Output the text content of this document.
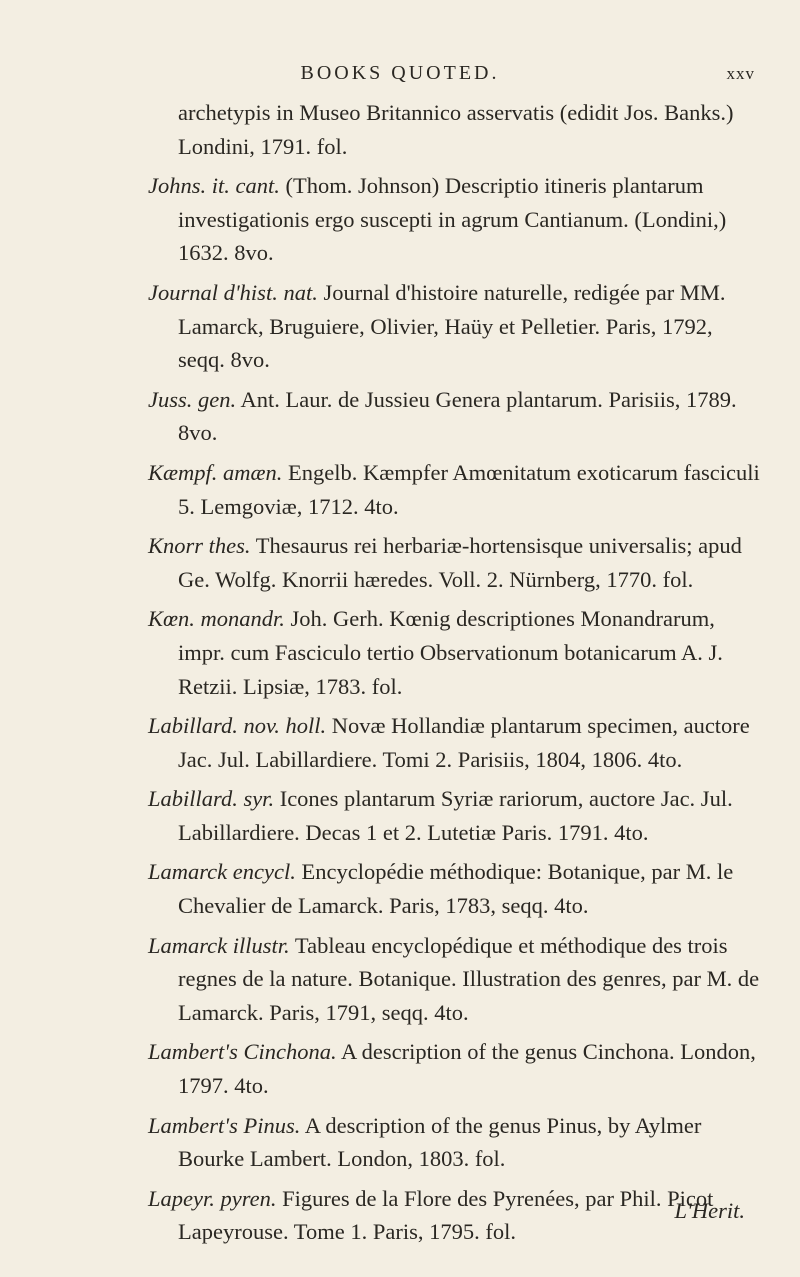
BOOKS QUOTED.	xxv

archetypis in Museo Britannico asservatis (edidit Jos. Banks.) Londini, 1791. fol.

Johns. it. cant. (Thom. Johnson) Descriptio itineris plantarum investigationis ergo suscepti in agrum Cantianum. (Londini,) 1632. 8vo.

Journal d'hist. nat. Journal d'histoire naturelle, redigée par MM. Lamarck, Bruguiere, Olivier, Haüy et Pelletier. Paris, 1792, seqq. 8vo.

Juss. gen. Ant. Laur. de Jussieu Genera plantarum. Parisiis, 1789. 8vo.

Kæmpf. amæn. Engelb. Kæmpfer Amœnitatum exoticarum fasciculi 5. Lemgoviæ, 1712. 4to.

Knorr thes. Thesaurus rei herbariæ-hortensisque universalis; apud Ge. Wolfg. Knorrii hæredes. Voll. 2. Nürnberg, 1770. fol.

Kœn. monandr. Joh. Gerh. Kœnig descriptiones Monandrarum, impr. cum Fasciculo tertio Observationum botanicarum A. J. Retzii. Lipsiæ, 1783. fol.

Labillard. nov. holl. Novæ Hollandiæ plantarum specimen, auctore Jac. Jul. Labillardiere. Tomi 2. Parisiis, 1804, 1806. 4to.

Labillard. syr. Icones plantarum Syriæ rariorum, auctore Jac. Jul. Labillardiere. Decas 1 et 2. Lutetiæ Paris. 1791. 4to.

Lamarck encycl. Encyclopédie méthodique: Botanique, par M. le Chevalier de Lamarck. Paris, 1783, seqq. 4to.

Lamarck illustr. Tableau encyclopédique et méthodique des trois regnes de la nature. Botanique. Illustration des genres, par M. de Lamarck. Paris, 1791, seqq. 4to.

Lambert's Cinchona. A description of the genus Cinchona. London, 1797. 4to.

Lambert's Pinus. A description of the genus Pinus, by Aylmer Bourke Lambert. London, 1803. fol.

Lapeyr. pyren. Figures de la Flore des Pyrenées, par Phil. Picot Lapeyrouse. Tome 1. Paris, 1795. fol.

L'Herit.
